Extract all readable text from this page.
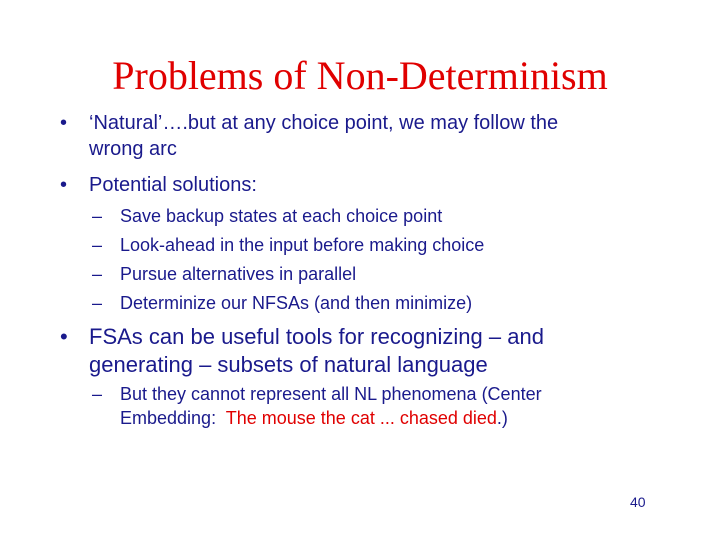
Problems of Non-Determinism
• ‘Natural’….but at any choice point, we may follow the
wrong arc
• Potential solutions:
– Save backup states at each choice point
– Look-ahead in the input before making choice
– Pursue alternatives in parallel
– Determinize our NFSAs (and then minimize)
• FSAs can be useful tools for recognizing – and
generating – subsets of natural language
– But they cannot represent all NL phenomena (Center
Embedding:  The mouse the cat ... chased died.)
40
